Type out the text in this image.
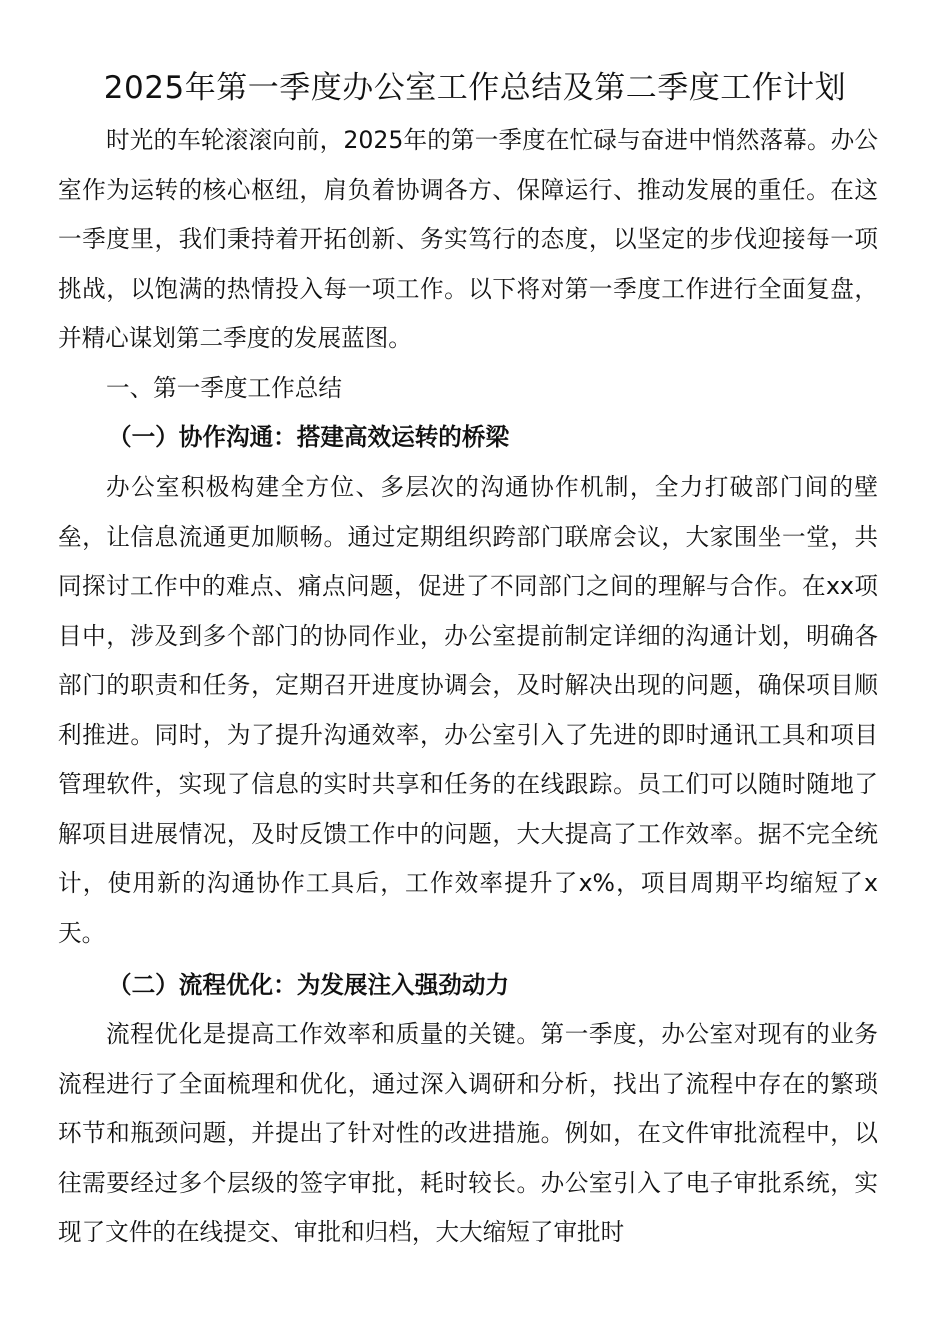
2025年第一季度办公室工作总结及第二季度工作计划

时光的车轮滚滚向前，2025年的第一季度在忙碌与奋进中悄然落幕。办公室作为运转的核心枢纽，肩负着协调各方、保障运行、推动发展的重任。在这一季度里，我们秉持着开拓创新、务实笃行的态度，以坚定的步伐迎接每一项挑战，以饱满的热情投入每一项工作。以下将对第一季度工作进行全面复盘，并精心谋划第二季度的发展蓝图。

一、第一季度工作总结
（一）协作沟通：搭建高效运转的桥梁

办公室积极构建全方位、多层次的沟通协作机制，全力打破部门间的壁垒，让信息流通更加顺畅。通过定期组织跨部门联席会议，大家围坐一堂，共同探讨工作中的难点、痛点问题，促进了不同部门之间的理解与合作。在xx项目中，涉及到多个部门的协同作业，办公室提前制定详细的沟通计划，明确各部门的职责和任务，定期召开进度协调会，及时解决出现的问题，确保项目顺利推进。同时，为了提升沟通效率，办公室引入了先进的即时通讯工具和项目管理软件，实现了信息的实时共享和任务的在线跟踪。员工们可以随时随地了解项目进展情况，及时反馈工作中的问题，大大提高了工作效率。据不完全统计，使用新的沟通协作工具后，工作效率提升了x%，项目周期平均缩短了x天。

（二）流程优化：为发展注入强劲动力

流程优化是提高工作效率和质量的关键。第一季度，办公室对现有的业务流程进行了全面梳理和优化，通过深入调研和分析，找出了流程中存在的繁琐环节和瓶颈问题，并提出了针对性的改进措施。例如，在文件审批流程中，以往需要经过多个层级的签字审批，耗时较长。办公室引入了电子审批系统，实现了文件的在线提交、审批和归档，大大缩短了审批时
